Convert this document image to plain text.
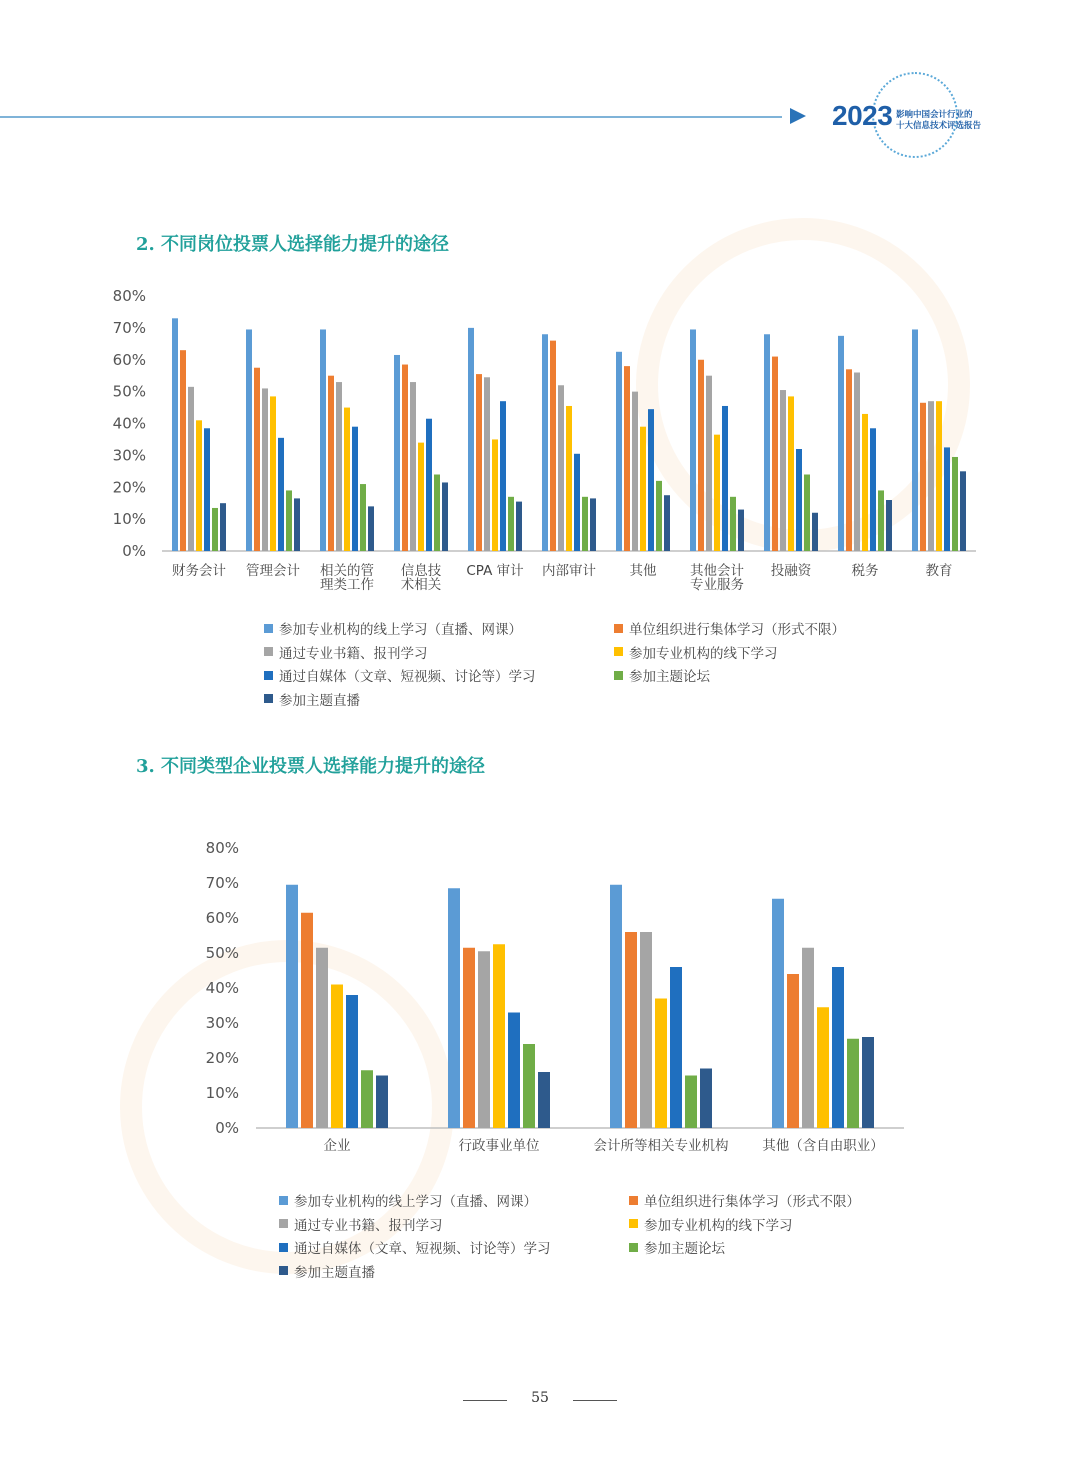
2023 影响中国会计行业的
十大信息技术评选报告
2. 不同岗位投票人选择能力提升的途径
0%
10%
20%
30%
40%
50%
60%
70%
80%
财务会计 管理会计 相关的管
理类工作
信息技
术相关
CPA 审计 内部审计 其他 其他会计
专业服务
投融资	税务	教育
参加专业机构的线上学习（直播、网课）	单位组织进行集体学习（形式不限）
通过专业书籍、报刊学习	参加专业机构的线下学习
通过自媒体（文章、短视频、讨论等）学习	参加主题论坛
参加主题直播
3. 不同类型企业投票人选择能力提升的途径
0%
10%
20%
30%
40%
50%
60%
70%
80%
企业	行政事业单位	会计所等相关专业机构	其他（含自由职业）
参加专业机构的线上学习（直播、网课）	单位组织进行集体学习（形式不限）
通过专业书籍、报刊学习	参加专业机构的线下学习
通过自媒体（文章、短视频、讨论等）学习	参加主题论坛
参加主题直播
55
